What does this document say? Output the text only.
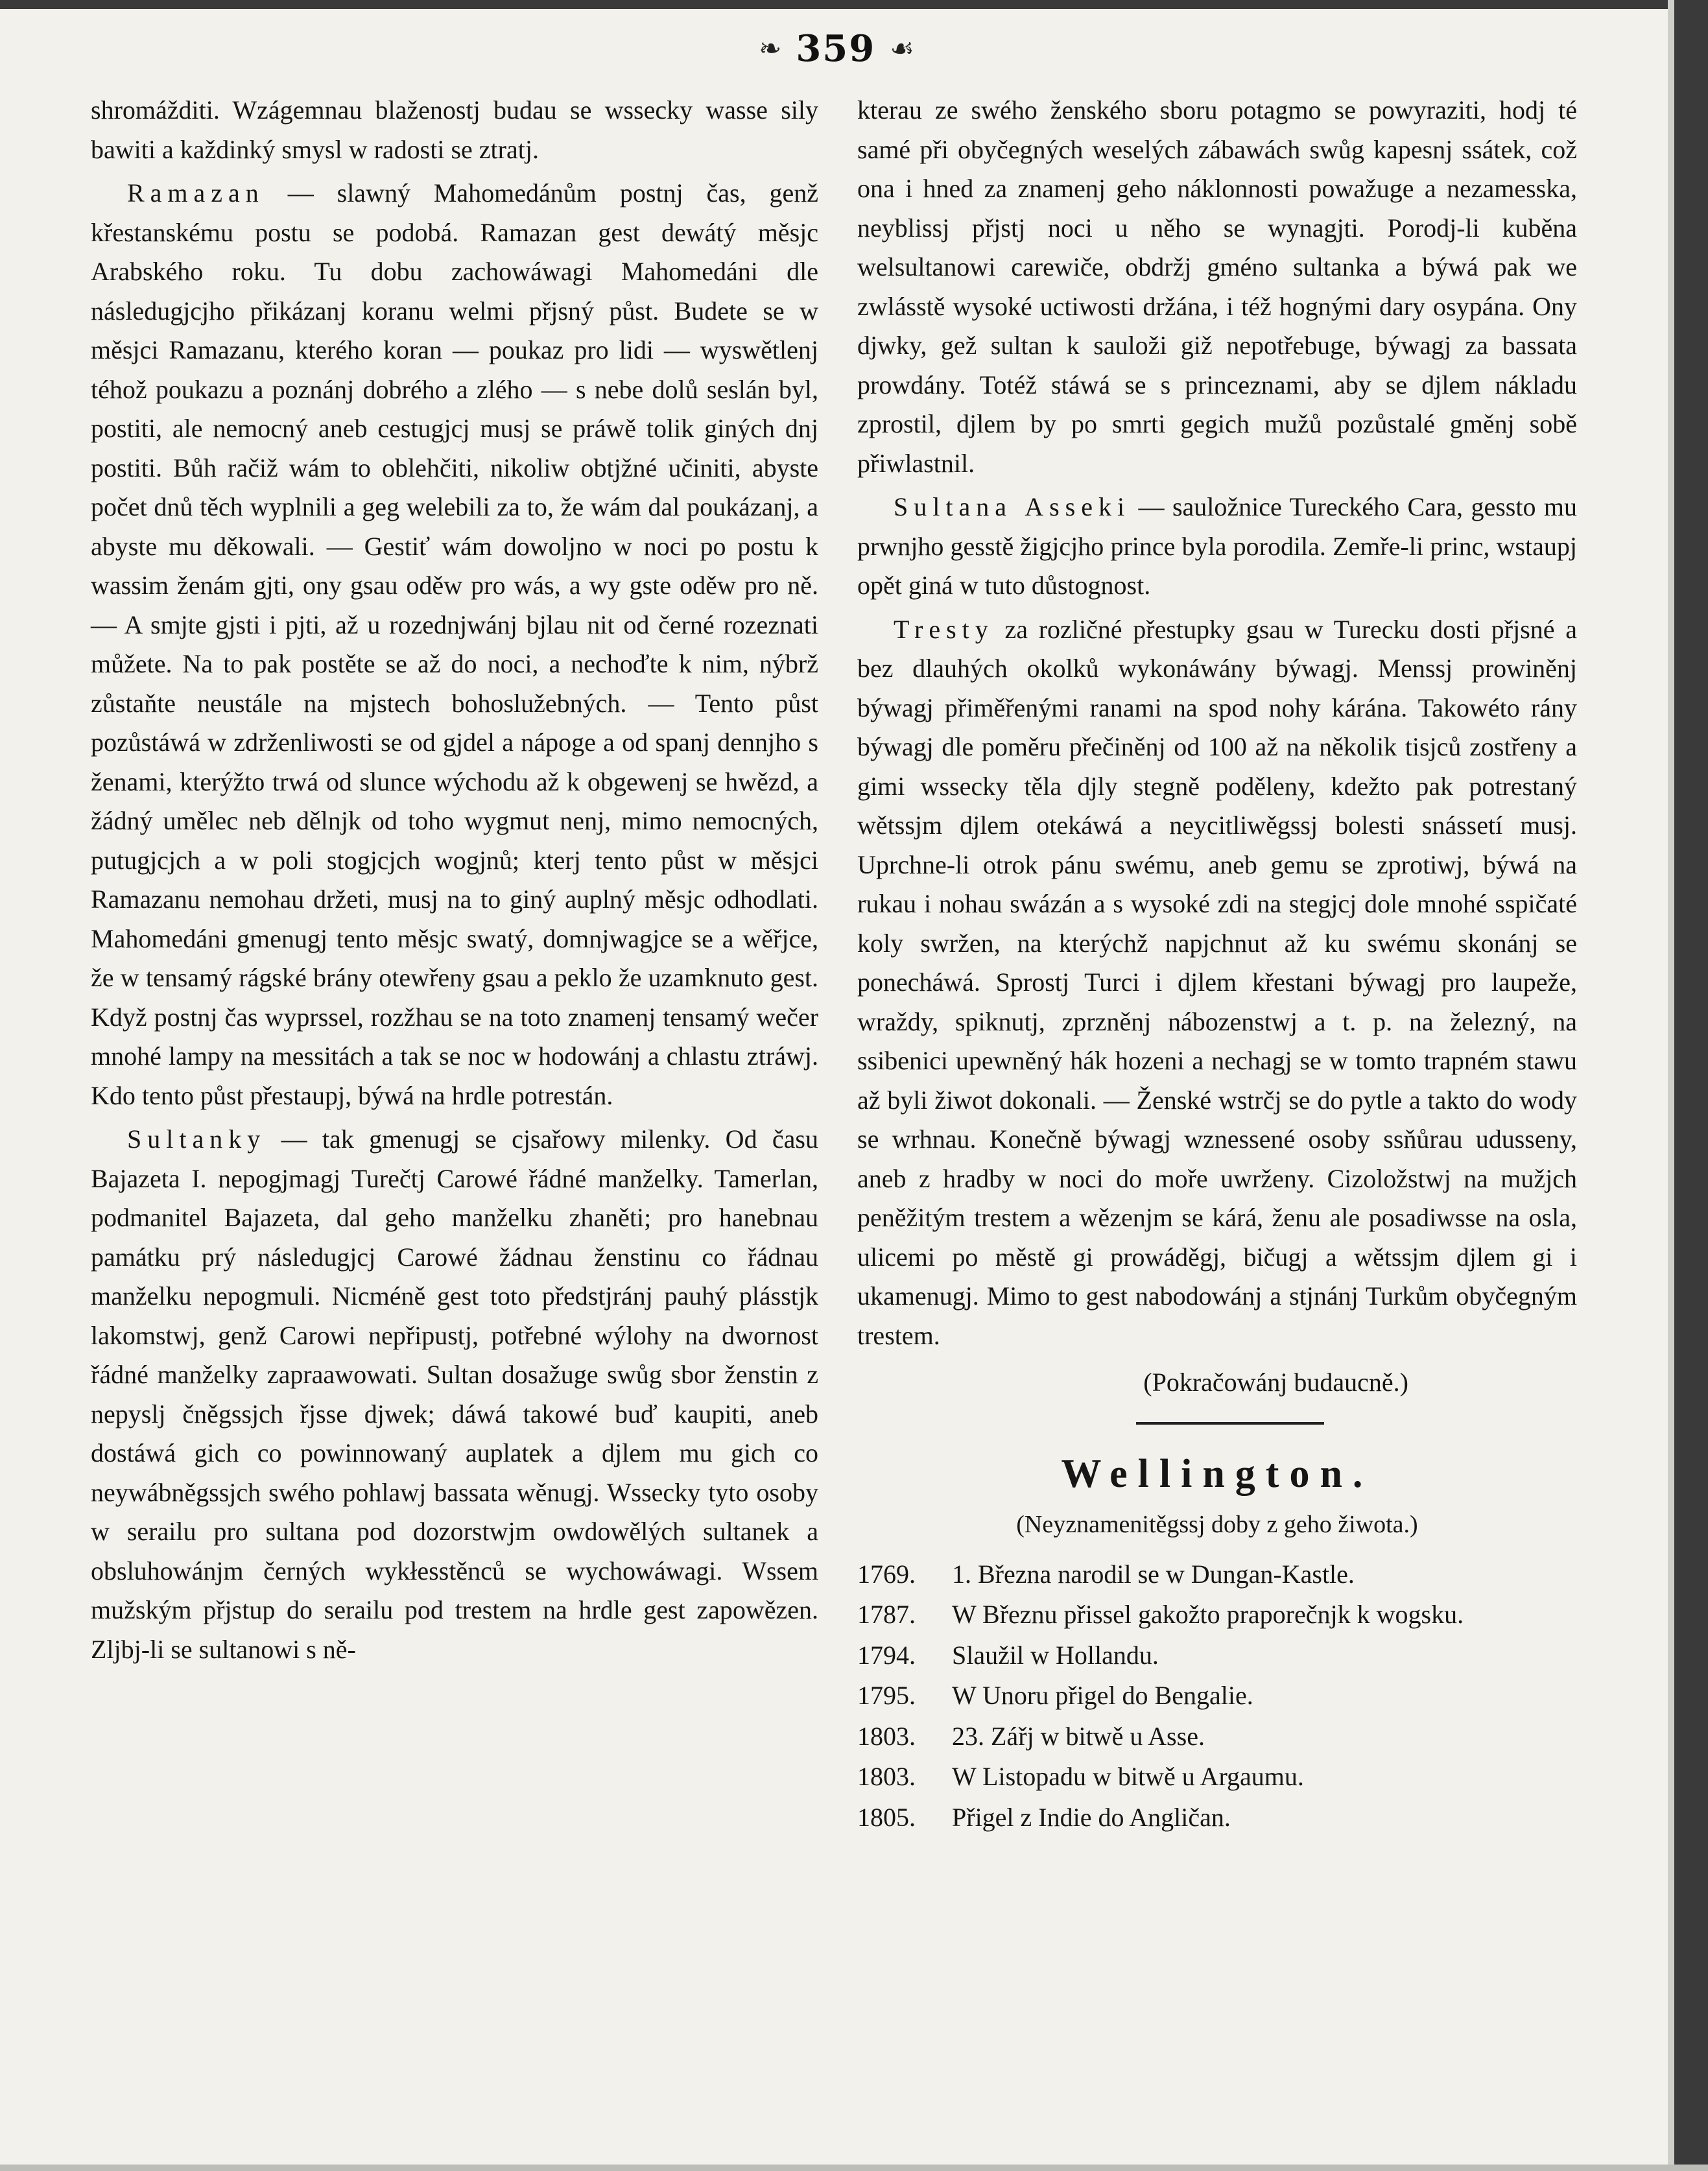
❧ 359 ☙

shromážditi. Wzágemnau blaženostj budau se wssecky wasse sily bawiti a každinký smysl w radosti se ztratj.

Ramazan — slawný Mahomedánům postnj čas, genž křestanskému postu se podobá. Ramazan gest dewátý měsjc Arabského roku. Tu dobu zachowáwagi Mahomedáni dle následugjcjho přikázanj koranu welmi přjsný půst. Budete se w měsjci Ramazanu, kterého koran — poukaz pro lidi — wyswětlenj téhož poukazu a poznánj dobrého a zlého — s nebe dolů seslán byl, postiti, ale nemocný aneb cestugjcj musj se práwě tolik giných dnj postiti. Bůh račiž wám to oblehčiti, nikoliw obtjžné učiniti, abyste počet dnů těch wyplnili a geg welebili za to, že wám dal poukázanj, a abyste mu děkowali. — Gestiť wám dowoljno w noci po postu k wassim ženám gjti, ony gsau oděw pro wás, a wy gste oděw pro ně. — A smjte gjsti i pjti, až u rozednjwánj bjlau nit od černé rozeznati můžete. Na to pak postěte se až do noci, a nechoďte k nim, nýbrž zůstaňte neustále na mjstech bohoslužebných. — Tento půst pozůstáwá w zdrženliwosti se od gjdel a nápoge a od spanj dennjho s ženami, kterýžto trwá od slunce wýchodu až k obgewenj se hwězd, a žádný umělec neb dělnjk od toho wygmut nenj, mimo nemocných, putugjcjch a w poli stogjcjch wogjnů; kterj tento půst w měsjci Ramazanu nemohau držeti, musj na to giný auplný měsjc odhodlati. Mahomedáni gmenugj tento měsjc swatý, domnjwagjce se a wěřjce, že w tensamý rágské brány otewřeny gsau a peklo že uzamknuto gest. Když postnj čas wyprssel, rozžhau se na toto znamenj tensamý wečer mnohé lampy na messitách a tak se noc w hodowánj a chlastu ztráwj. Kdo tento půst přestaupj, býwá na hrdle potrestán.

Sultanky — tak gmenugj se cjsařowy milenky. Od času Bajazeta I. nepogjmagj Turečtj Carowé řádné manželky. Tamerlan, podmanitel Bajazeta, dal geho manželku zhaněti; pro hanebnau památku prý následugjcj Carowé žádnau ženstinu co řádnau manželku nepogmuli. Nicméně gest toto předstjránj pauhý plásstjk lakomstwj, genž Carowi nepřipustj, potřebné wýlohy na dwornost řádné manželky zapraawowati. Sultan dosažuge swůg sbor ženstin z nepyslj čněgssjch řjsse djwek; dáwá takowé buď kaupiti, aneb dostáwá gich co powinnowaný auplatek a djlem mu gich co neywábněgssjch swého pohlawj bassata wěnugj. Wssecky tyto osoby w serailu pro sultana pod dozorstwjm owdowělých sultanek a obsluhowánjm černých wykłesstěnců se wychowáwagi. Wssem mužským přjstup do serailu pod trestem na hrdle gest zapowězen. Zljbj-li se sultanowi s ně-

kterau ze swého ženského sboru potagmo se powyraziti, hodj té samé při obyčegných weselých zábawách swůg kapesnj ssátek, což ona i hned za znamenj geho náklonnosti powažuge a nezamesska, neyblissj přjstj noci u něho se wynagjti. Porodj-li kuběna welsultanowi carewiče, obdržj gméno sultanka a býwá pak we zwlásstě wysoké uctiwosti držána, i též hognými dary osypána. Ony djwky, gež sultan k sauloži giž nepotřebuge, býwagj za bassata prowdány. Totéž stáwá se s princeznami, aby se djlem nákladu zprostil, djlem by po smrti gegich mužů pozůstalé gměnj sobě přiwlastnil.

Sultana Asseki — sauložnice Tureckého Cara, gessto mu prwnjho gesstě žigjcjho prince byla porodila. Zemře-li princ, wstaupj opět giná w tuto důstognost.

Tresty za rozličné přestupky gsau w Turecku dosti přjsné a bez dlauhých okolků wykonáwány býwagj. Menssj prowiněnj býwagj přiměřenými ranami na spod nohy kárána. Takowéto rány býwagj dle poměru přečiněnj od 100 až na několik tisjců zostřeny a gimi wssecky těla djly stegně poděleny, kdežto pak potrestaný wětssjm djlem otekáwá a neycitliwěgssj bolesti snássetí musj. Uprchne-li otrok pánu swému, aneb gemu se zprotiwj, býwá na rukau i nohau swázán a s wysoké zdi na stegjcj dole mnohé sspičaté koly swržen, na kterýchž napjchnut až ku swému skonánj se ponecháwá. Sprostj Turci i djlem křestani býwagj pro laupeže, wraždy, spiknutj, zprzněnj nábozenstwj a t. p. na železný, na ssibenici upewněný hák hozeni a nechagj se w tomto trapném stawu až byli žiwot dokonali. — Ženské wstrčj se do pytle a takto do wody se wrhnau. Konečně býwagj wznessené osoby ssňůrau udusseny, aneb z hradby w noci do moře uwrženy. Cizoložstwj na mužjch peněžitým trestem a wězenjm se kárá, ženu ale posadiwsse na osla, ulicemi po městě gi prowáděgj, bičugj a wětssjm djlem gi i ukamenugj. Mimo to gest nabodowánj a stjnánj Turkům obyčegným trestem.

(Pokračowánj budaucně.)
Wellington.
(Neyznamenitěgssj doby z geho žiwota.)
1769.	1. Března narodil se w Dungan-Kastle.
1787.	W Březnu přissel gakožto praporečnjk k wogsku.
1794.	Slaužil w Hollandu.
1795.	W Unoru přigel do Bengalie.
1803.	23. Zářj w bitwě u Asse.
1803.	W Listopadu w bitwě u Argaumu.
1805.	Přigel z Indie do Angličan.
